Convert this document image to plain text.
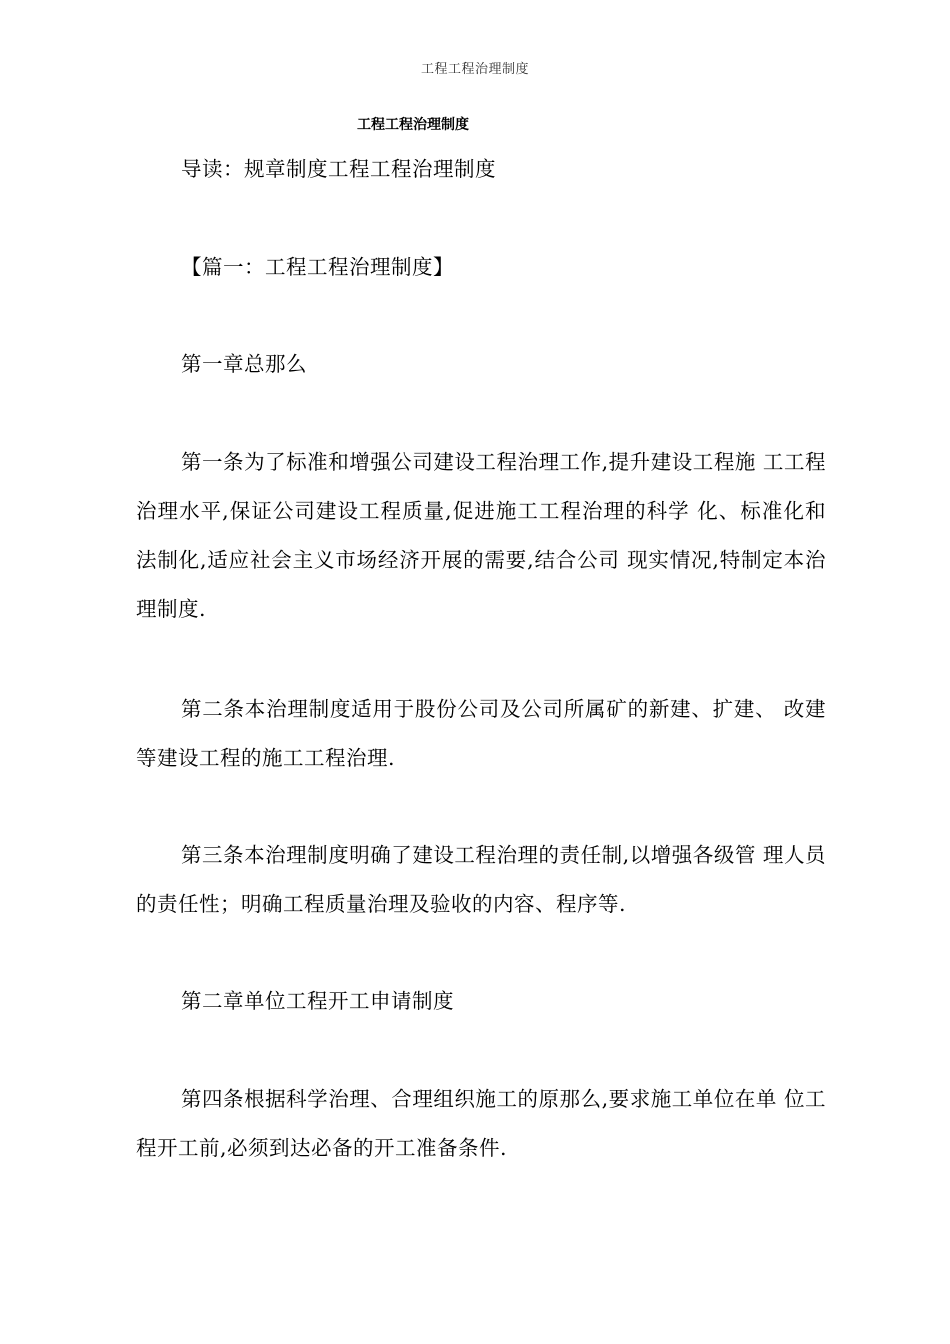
工程工程治理制度
工程工程治理制度

导读：规章制度工程工程治理制度

【篇一：工程工程治理制度】

第一章总那么

第一条为了标准和增强公司建设工程治理工作,提升建设工程施 工工程治理水平,保证公司建设工程质量,促进施工工程治理的科学 化、标准化和法制化,适应社会主义市场经济开展的需要,结合公司 现实情况,特制定本治理制度.

第二条本治理制度适用于股份公司及公司所属矿的新建、扩建、 改建等建设工程的施工工程治理.

第三条本治理制度明确了建设工程治理的责任制,以增强各级管 理人员的责任性；明确工程质量治理及验收的内容、程序等.

第二章单位工程开工申请制度

第四条根据科学治理、合理组织施工的原那么,要求施工单位在单 位工程开工前,必须到达必备的开工准备条件.
